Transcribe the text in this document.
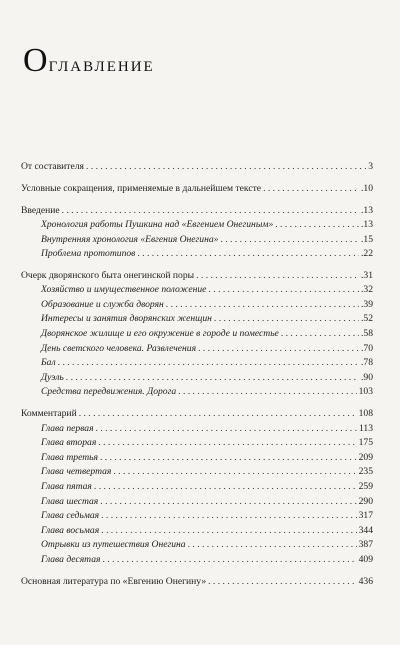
Оглавление
От составителя . . .	3
Условные сокращения, применяемые в дальнейшем тексте . . .	.10
Введение . . .	.13
Хронология работы Пушкина над «Евгением Онегиным» . . .	.13
Внутренняя хронология «Евгения Онегина» . . .	.15
Проблема прототипов . . .	.22
Очерк дворянского быта онегинской поры . . .	.31
Хозяйство и имущественное положение . . .	.32
Образование и служба дворян . . .	.39
Интересы и занятия дворянских женщин . . .	.52
Дворянское жилище и его окружение в городе и поместье . . .	.58
День светского человека. Развлечения . . .	.70
Бал . . .	.78
Дуэль . . .	.90
Средства передвижения. Дорога . . .	103
Комментарий . . .	108
Глава первая . . .	113
Глава вторая . . .	175
Глава третья . . .	209
Глава четвертая . . .	235
Глава пятая . . .	259
Глава шестая . . .	290
Глава седьмая . . .	317
Глава восьмая . . .	344
Отрывки из путешествия Онегина . . .	387
Глава десятая . . .	409
Основная литература по «Евгению Онегину» . . .	436
